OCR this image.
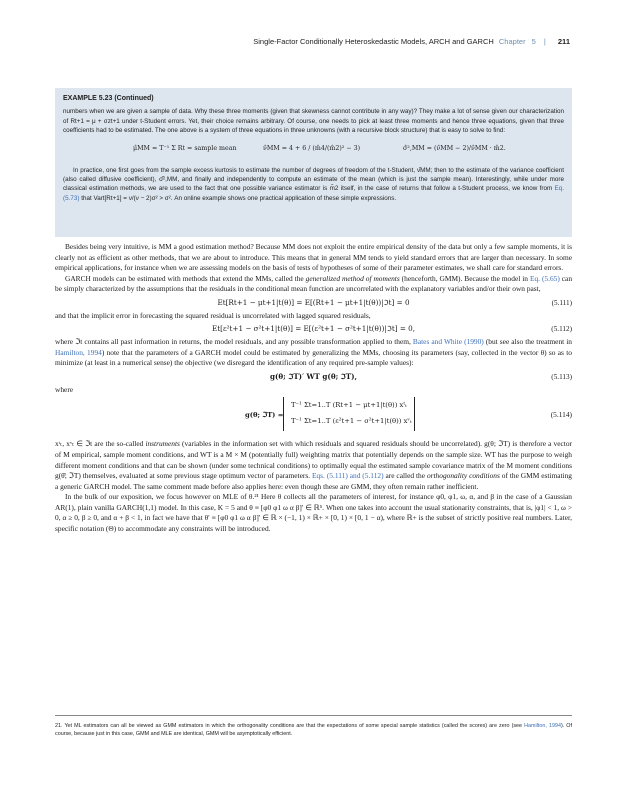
Single-Factor Conditionally Heteroskedastic Models, ARCH and GARCH Chapter 5 | 211
EXAMPLE 5.23 (Continued)

numbers when we are given a sample of data. Why these three moments (given that skewness cannot contribute in any way)? They make a lot of sense given our characterization of Rt+1 = μ + σzt+1 under t-Student errors. Yet, their choice remains arbitrary. Of course, one needs to pick at least three moments and hence three equations, given that three coefficients had to be estimated. The one above is a system of three equations in three unknowns (with a recursive block structure) that is easy to solve to find:

μ̂MM = T⁻¹ Σ Rt = sample mean	ν̂MM = 4 + 6 / (m̂4/(m̂2)² − 3)	σ̂²,MM = (ν̂MM − 2)/ν̂MM · m̂2.

In practice, one first goes from the sample excess kurtosis to estimate the number of degrees of freedom of the t-Student, ν̂MM; then to the estimate of the variance coefficient (also called diffusive coefficient), σ̂²,MM, and finally and independently to compute an estimate of the mean (which is just the sample mean). Interestingly, while under more classical estimation methods, we are used to the fact that one possible variance estimator is m̂2 itself, in the case of returns that follow a t-Student process, we know from Eq. (5.73) that Vart[Rt+1] = ν/(ν − 2)σ² > σ². An online example shows one practical application of these simple expressions.

Besides being very intuitive, is MM a good estimation method? Because MM does not exploit the entire empirical density of the data but only a few sample moments, it is clearly not as efficient as other methods, that we are about to introduce. This means that in general MM tends to yield standard errors that are larger than necessary. In some empirical applications, for instance when we are assessing models on the basis of tests of hypotheses of some of their parameter estimates, we shall care for standard errors.

GARCH models can be estimated with methods that extend the MMs, called the generalized method of moments (henceforth, GMM). Because the model in Eq. (5.65) can be simply characterized by the assumptions that the residuals in the conditional mean function are uncorrelated with the explanatory variables and/or their own past,

Et[Rt+1 − μt+1|t(θ)] = E[(Rt+1 − μt+1|t(θ))|ℑt] = 0	(5.111)

and that the implicit error in forecasting the squared residual is uncorrelated with lagged squared residuals,

Et[ε²t+1 − σ²t+1|t(θ)] = E[(ε²t+1 − σ²t+1|t(θ))|ℑt] = 0,	(5.112)

where ℑt contains all past information in returns, the model residuals, and any possible transformation applied to them, Bates and White (1990) (but see also the treatment in Hamilton, 1994) note that the parameters of a GARCH model could be estimated by generalizing the MMs, choosing its parameters (say, collected in the vector θ) so as to minimize (at least in a numerical sense) the objective (we disregard the identification of any required pre-sample values):

g(θ; ℑT)′ WT g(θ; ℑT),	(5.113)

where

g(θ; ℑT) =
T⁻¹ Σt=1..T (Rt+1 − μt+1|t(θ)) xᵗₜ
T⁻¹ Σt=1..T (ε²t+1 − σ²t+1|t(θ)) xᵛₜ
(5.114)

xᵗₜ, xᵛₜ ∈ ℑt are the so-called instruments (variables in the information set with which residuals and squared residuals should be uncorrelated). g(θ; ℑT) is therefore a vector of M empirical, sample moment conditions, and WT is a M × M (potentially full) weighting matrix that potentially depends on the sample size. WT has the purpose to weigh different moment conditions and that can be shown (under some technical conditions) to optimally equal the estimated sample covariance matrix of the M moment conditions g(θ̂; ℑT) themselves, evaluated at some previous stage optimum vector of parameters. Eqs. (5.111) and (5.112) are called the orthogonality conditions of the GMM estimating a generic GARCH model. The same comment made before also applies here: even though these are GMM, they often remain rather inefficient.

In the bulk of our exposition, we focus however on MLE of θ.²¹ Here θ collects all the parameters of interest, for instance φ0, φ1, ω, α, and β in the case of a Gaussian AR(1), plain vanilla GARCH(1,1) model. In this case, K = 5 and θ ≡ [φ0 φ1 ω α β]′ ∈ ℝ⁵. When one takes into account the usual stationarity constraints, that is, |φ1| < 1, ω > 0, α ≥ 0, β ≥ 0, and α + β < 1, in fact we have that θ′ ≡ [φ0 φ1 ω α β]′ ∈ ℝ × (−1, 1) × ℝ+ × [0, 1) × [0, 1 − α), where ℝ+ is the subset of strictly positive real numbers. Later, specific notation (Θ) to accommodate any constraints will be introduced.

21. Yet ML estimators can all be viewed as GMM estimators in which the orthogonality conditions are that the expectations of some special sample statistics (called the scores) are zero (see Hamilton, 1994). Of course, because just in this case, GMM and MLE are identical, GMM will be asymptotically efficient.
